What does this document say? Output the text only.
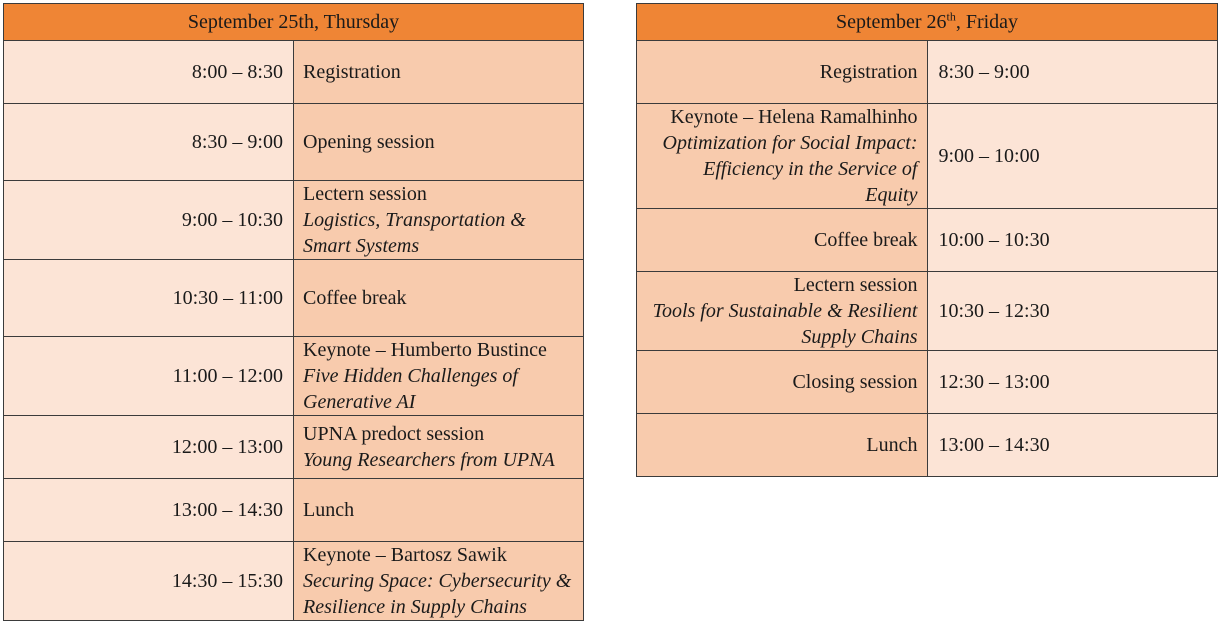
September 25th, Thursday	
8:00 – 8:30	Registration

8:30 – 9:00	Opening session

9:00 – 10:30	Lectern session
Logistics, Transportation & Smart Systems

10:30 – 11:00	Coffee break

11:00 – 12:00	Keynote – Humberto Bustince
Five Hidden Challenges of Generative AI

12:00 – 13:00	UPNA predoct session
Young Researchers from UPNA

13:00 – 14:30	Lunch

14:30 – 15:30	Keynote – Bartosz Sawik
Securing Space: Cybersecurity & Resilience in Supply Chains
September 26th, Friday	

Registration	8:30 – 9:00

Keynote – Helena Ramalhinho
Optimization for Social Impact: Efficiency in the Service of Equity	9:00 – 10:00

Coffee break	10:00 – 10:30

Lectern session
Tools for Sustainable & Resilient Supply Chains	10:30 – 12:30

Closing session	12:30 – 13:00

Lunch	13:00 – 14:30
